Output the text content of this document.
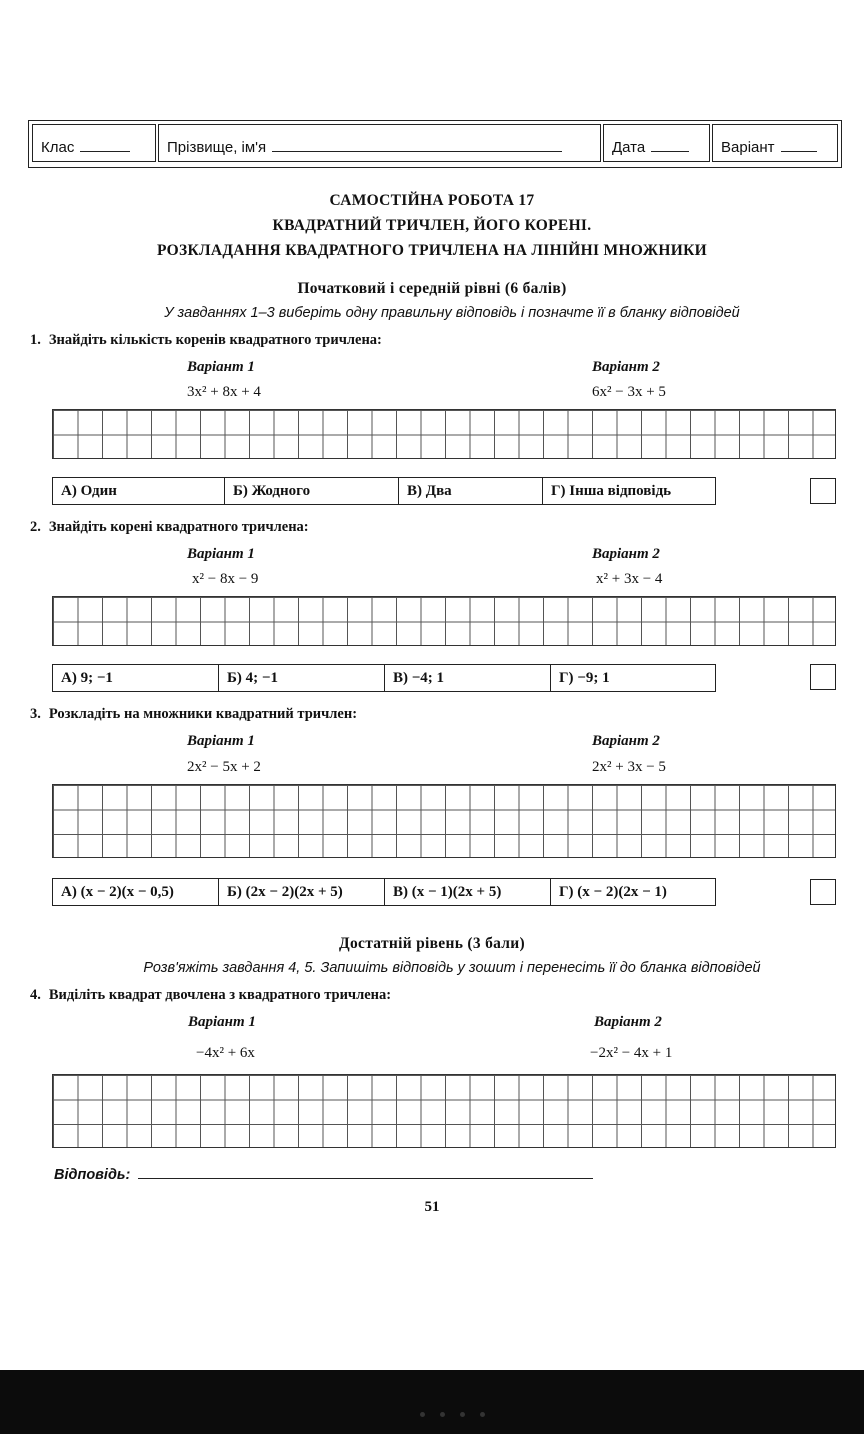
Клас	Прізвище, ім'я	Дата	Варіант
САМОСТІЙНА РОБОТА 17
КВАДРАТНИЙ ТРИЧЛЕН, ЙОГО КОРЕНІ.
РОЗКЛАДАННЯ КВАДРАТНОГО ТРИЧЛЕНА НА ЛІНІЙНІ МНОЖНИКИ
Початковий і середній рівні (6 балів)
У завданнях 1–3 виберіть одну правильну відповідь і позначте її в бланку відповідей
1. Знайдіть кількість коренів квадратного тричлена:
Варіант 1
3x² + 8x + 4
Варіант 2
6x² − 3x + 5
А) Один	Б) Жодного	В) Два	Г) Інша відповідь
2. Знайдіть корені квадратного тричлена:
Варіант 1
x² − 8x − 9
Варіант 2
x² + 3x − 4
А) 9; −1	Б) 4; −1	В) −4; 1	Г) −9; 1
3. Розкладіть на множники квадратний тричлен:
Варіант 1
2x² − 5x + 2
Варіант 2
2x² + 3x − 5
А) (x − 2)(x − 0,5)	Б) (2x − 2)(2x + 5)	В) (x − 1)(2x + 5)	Г) (x − 2)(2x − 1)
Достатній рівень (3 бали)
Розв'яжіть завдання 4, 5. Запишіть відповідь у зошит і перенесіть її до бланка відповідей
4. Виділіть квадрат двочлена з квадратного тричлена:
Варіант 1
−4x² + 6x
Варіант 2
−2x² − 4x + 1
Відповідь:
51
